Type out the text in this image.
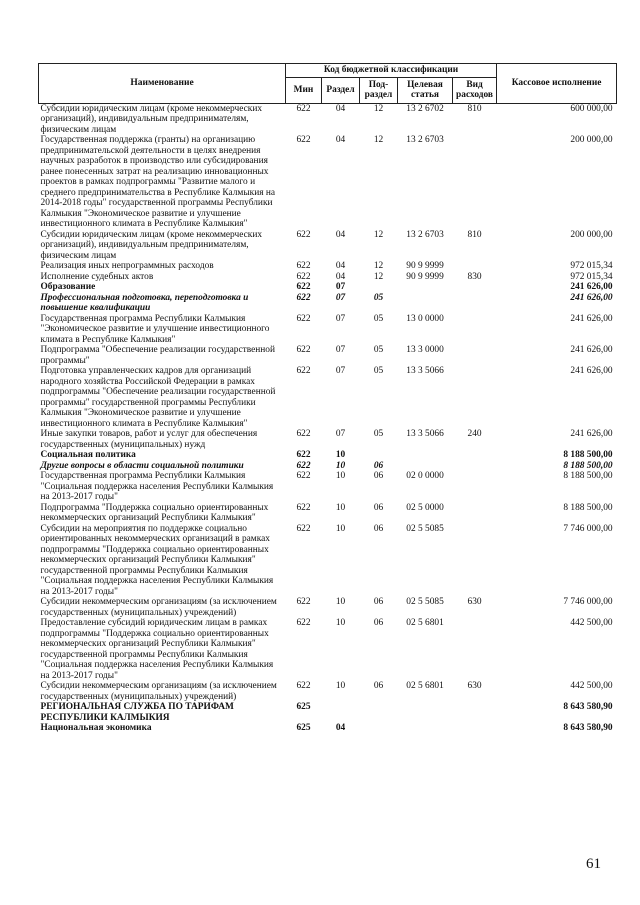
Наименование	Код бюджетной классификации					Кассовое исполнение
	Мин	Раздел	Под-раздел	Целевая статья	Вид расходов	
Субсидии юридическим лицам (кроме некоммерческих организаций), индивидуальным предпринимателям, физическим лицам	622	04	12	13 2 6702	810	600 000,00
Государственная поддержка (гранты) на организацию предпринимательской деятельности в целях внедрения научных разработок в производство или субсидирования ранее понесенных затрат на реализацию инновационных проектов в рамках подпрограммы "Развитие малого и среднего предпринимательства в Республике Калмыкия на 2014-2018 годы" государственной программы Республики Калмыкия "Экономическое развитие и улучшение инвестиционного климата в Республике Калмыкия"	622	04	12	13 2 6703		200 000,00
Субсидии юридическим лицам (кроме некоммерческих организаций), индивидуальным предпринимателям, физическим лицам	622	04	12	13 2 6703	810	200 000,00
Реализация иных непрограммных расходов	622	04	12	90 9 9999		972 015,34
Исполнение судебных актов	622	04	12	90 9 9999	830	972 015,34
Образование	622	07				241 626,00
Профессиональная подготовка, переподготовка и повышение квалификации	622	07	05			241 626,00
Государственная программа Республики Калмыкия "Экономическое развитие и улучшение инвестиционного климата в Республике Калмыкия"	622	07	05	13 0 0000		241 626,00
Подпрограмма "Обеспечение реализации государственной программы"	622	07	05	13 3 0000		241 626,00
Подготовка управленческих кадров для организаций народного хозяйства Российской Федерации в рамках подпрограммы "Обеспечение реализации государственной программы" государственной программы Республики Калмыкия "Экономическое развитие и улучшение инвестиционного климата в Республике Калмыкия"	622	07	05	13 3 5066		241 626,00
Иные закупки товаров, работ и услуг для обеспечения государственных (муниципальных) нужд	622	07	05	13 3 5066	240	241 626,00
Социальная политика	622	10				8 188 500,00
Другие вопросы в области социальной политики	622	10	06			8 188 500,00
Государственная программа Республики Калмыкия "Социальная поддержка населения Республики Калмыкия на 2013-2017 годы"	622	10	06	02 0 0000		8 188 500,00
Подпрограмма "Поддержка социально ориентированных некоммерческих организаций Республики Калмыкия"	622	10	06	02 5 0000		8 188 500,00
Субсидии на мероприятия по поддержке социально ориентированных некоммерческих организаций в рамках подпрограммы "Поддержка социально ориентированных некоммерческих организаций Республики Калмыкия" государственной программы Республики Калмыкия "Социальная поддержка населения Республики Калмыкия на 2013-2017 годы"	622	10	06	02 5 5085		7 746 000,00
Субсидии некоммерческим организациям (за исключением государственных (муниципальных) учреждений)	622	10	06	02 5 5085	630	7 746 000,00
Предоставление субсидий юридическим лицам в рамках подпрограммы "Поддержка социально ориентированных некоммерческих организаций Республики Калмыкия" государственной программы Республики Калмыкия "Социальная поддержка населения Республики Калмыкия на 2013-2017 годы"	622	10	06	02 5 6801		442 500,00
Субсидии некоммерческим организациям (за исключением государственных (муниципальных) учреждений)	622	10	06	02 5 6801	630	442 500,00
РЕГИОНАЛЬНАЯ СЛУЖБА ПО ТАРИФАМ РЕСПУБЛИКИ КАЛМЫКИЯ	625					8 643 580,90
Национальная экономика	625	04				8 643 580,90
61
